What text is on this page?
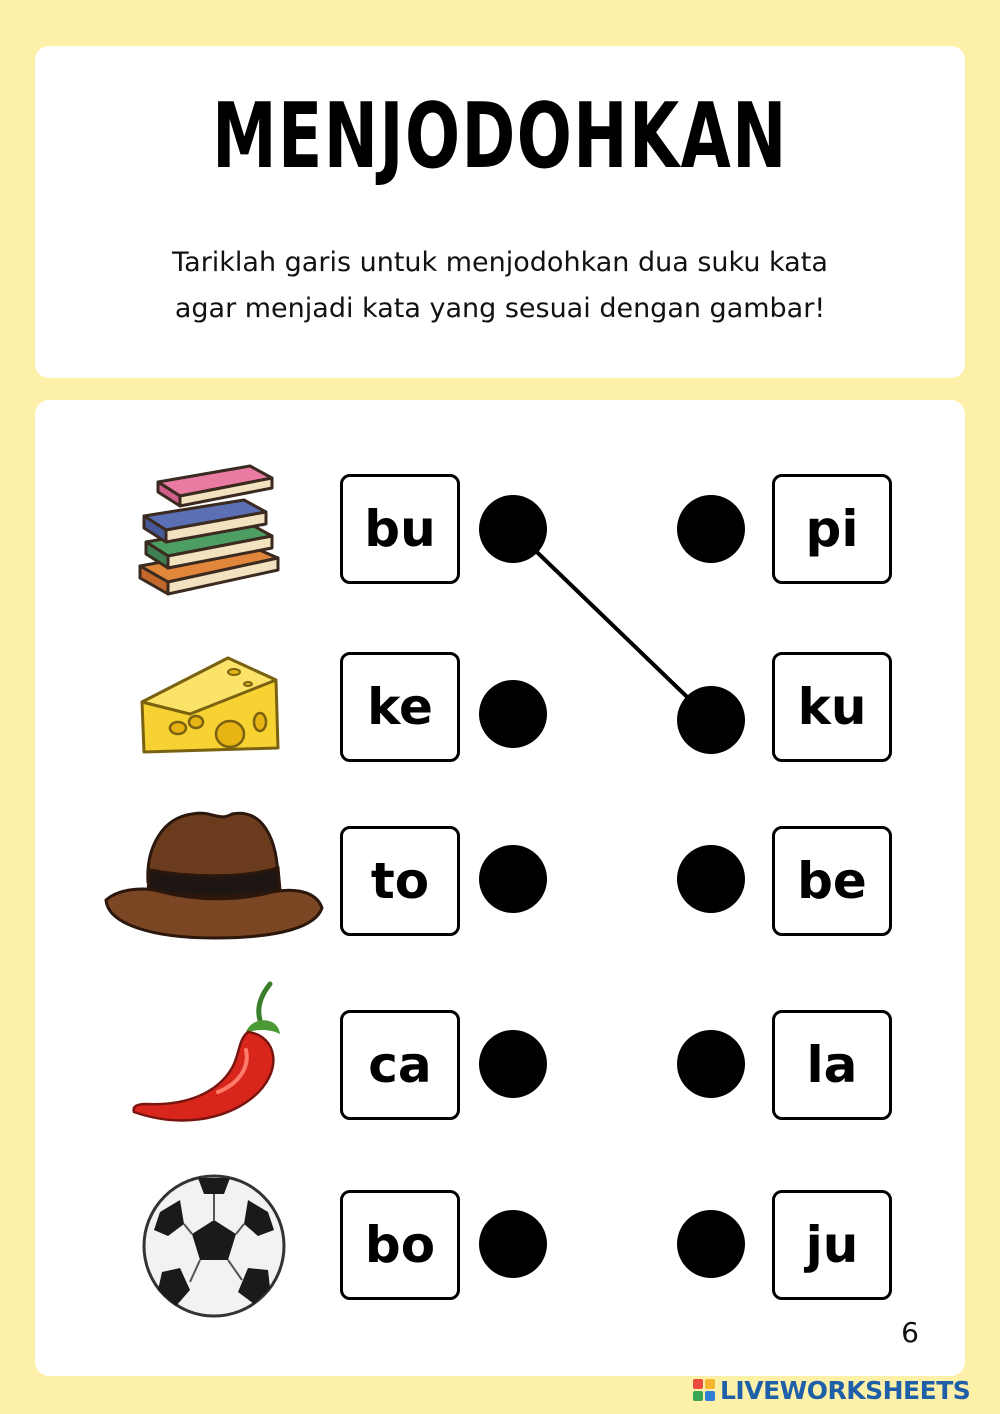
MENJODOHKAN
Tariklah garis untuk menjodohkan dua suku kata
agar menjadi kata yang sesuai dengan gambar!
bu
ke
to
ca
bo
pi
ku
be
la
ju
6
LIVEWORKSHEETS
